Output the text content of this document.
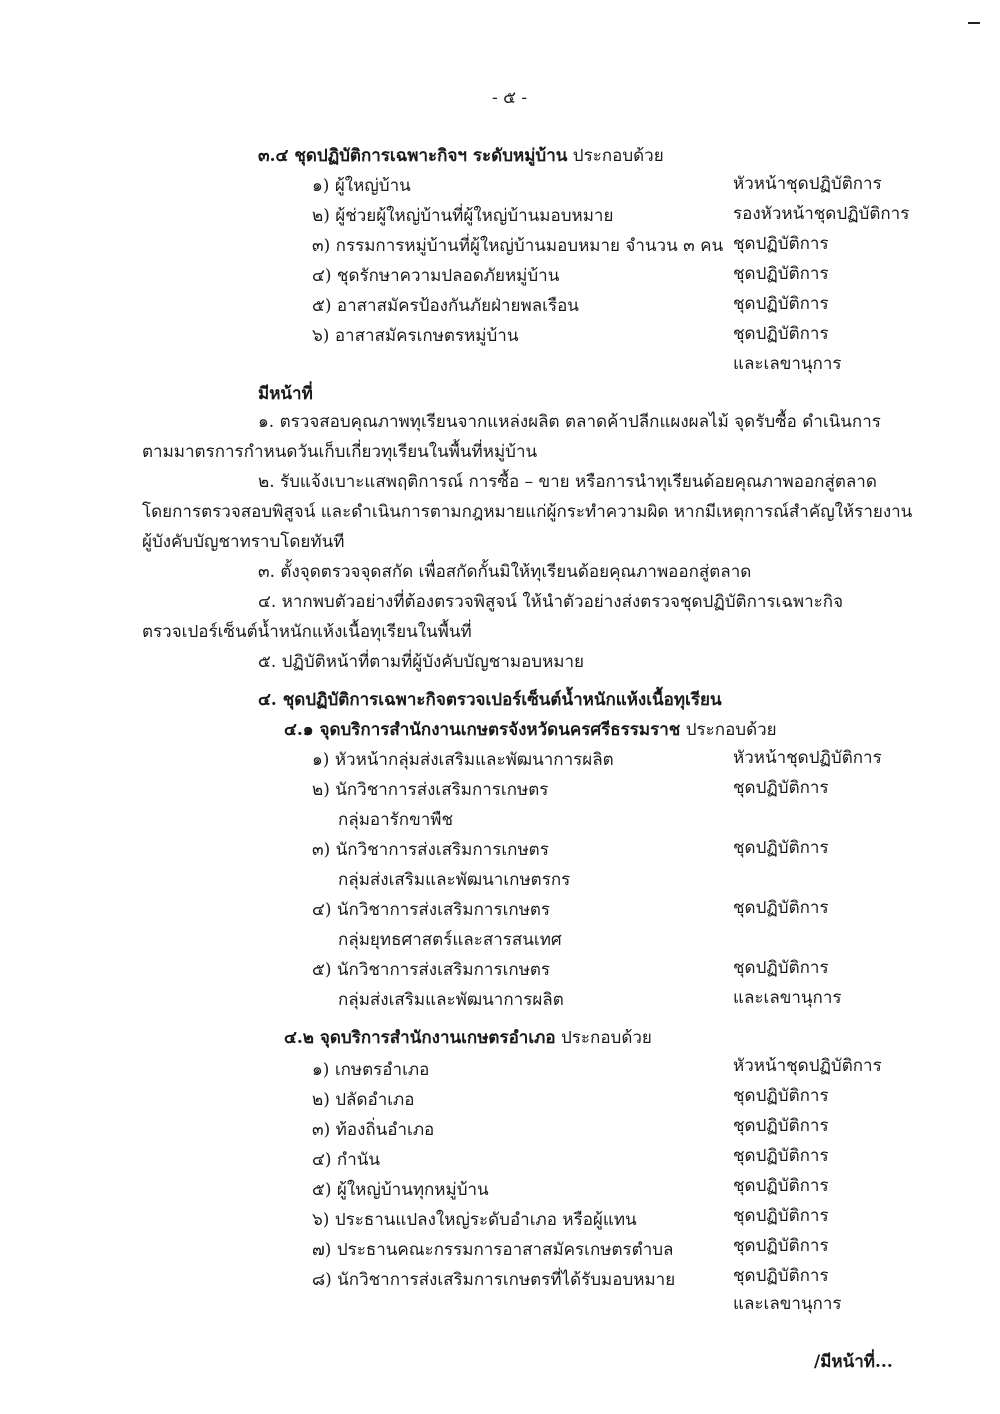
- ๕ -
๓.๔ ชุดปฏิบัติการเฉพาะกิจฯ ระดับหมู่บ้าน ประกอบด้วย
๑) ผู้ใหญ่บ้าน	หัวหน้าชุดปฏิบัติการ
๒) ผู้ช่วยผู้ใหญ่บ้านที่ผู้ใหญ่บ้านมอบหมาย	รองหัวหน้าชุดปฏิบัติการ
๓) กรรมการหมู่บ้านที่ผู้ใหญ่บ้านมอบหมาย จำนวน ๓ คน ชุดปฏิบัติการ
๔) ชุดรักษาความปลอดภัยหมู่บ้าน	ชุดปฏิบัติการ
๕) อาสาสมัครป้องกันภัยฝ่ายพลเรือน	ชุดปฏิบัติการ
๖) อาสาสมัครเกษตรหมู่บ้าน	ชุดปฏิบัติการ
และเลขานุการ
มีหน้าที่
๑. ตรวจสอบคุณภาพทุเรียนจากแหล่งผลิต ตลาดค้าปลีกแผงผลไม้ จุดรับซื้อ ดำเนินการ
ตามมาตรการกำหนดวันเก็บเกี่ยวทุเรียนในพื้นที่หมู่บ้าน
๒. รับแจ้งเบาะแสพฤติการณ์ การซื้อ – ขาย หรือการนำทุเรียนด้อยคุณภาพออกสู่ตลาด
โดยการตรวจสอบพิสูจน์ และดำเนินการตามกฎหมายแก่ผู้กระทำความผิด หากมีเหตุการณ์สำคัญให้รายงาน
ผู้บังคับบัญชาทราบโดยทันที
๓. ตั้งจุดตรวจจุดสกัด เพื่อสกัดกั้นมิให้ทุเรียนด้อยคุณภาพออกสู่ตลาด
๔. หากพบตัวอย่างที่ต้องตรวจพิสูจน์ ให้นำตัวอย่างส่งตรวจชุดปฏิบัติการเฉพาะกิจ
ตรวจเปอร์เซ็นต์น้ำหนักแห้งเนื้อทุเรียนในพื้นที่
๕. ปฏิบัติหน้าที่ตามที่ผู้บังคับบัญชามอบหมาย
๔. ชุดปฏิบัติการเฉพาะกิจตรวจเปอร์เซ็นต์น้ำหนักแห้งเนื้อทุเรียน
๔.๑ จุดบริการสำนักงานเกษตรจังหวัดนครศรีธรรมราช ประกอบด้วย
๑) หัวหน้ากลุ่มส่งเสริมและพัฒนาการผลิต	หัวหน้าชุดปฏิบัติการ
๒) นักวิชาการส่งเสริมการเกษตร	ชุดปฏิบัติการ
กลุ่มอารักขาพืช
๓) นักวิชาการส่งเสริมการเกษตร	ชุดปฏิบัติการ
กลุ่มส่งเสริมและพัฒนาเกษตรกร
๔) นักวิชาการส่งเสริมการเกษตร	ชุดปฏิบัติการ
กลุ่มยุทธศาสตร์และสารสนเทศ
๕) นักวิชาการส่งเสริมการเกษตร	ชุดปฏิบัติการ
กลุ่มส่งเสริมและพัฒนาการผลิต	และเลขานุการ
๔.๒ จุดบริการสำนักงานเกษตรอำเภอ ประกอบด้วย
๑) เกษตรอำเภอ	หัวหน้าชุดปฏิบัติการ
๒) ปลัดอำเภอ	ชุดปฏิบัติการ
๓) ท้องถิ่นอำเภอ	ชุดปฏิบัติการ
๔) กำนัน	ชุดปฏิบัติการ
๕) ผู้ใหญ่บ้านทุกหมู่บ้าน	ชุดปฏิบัติการ
๖) ประธานแปลงใหญ่ระดับอำเภอ หรือผู้แทน	ชุดปฏิบัติการ
๗) ประธานคณะกรรมการอาสาสมัครเกษตรตำบล	ชุดปฏิบัติการ
๘) นักวิชาการส่งเสริมการเกษตรที่ได้รับมอบหมาย	ชุดปฏิบัติการ
และเลขานุการ
/มีหน้าที่...
